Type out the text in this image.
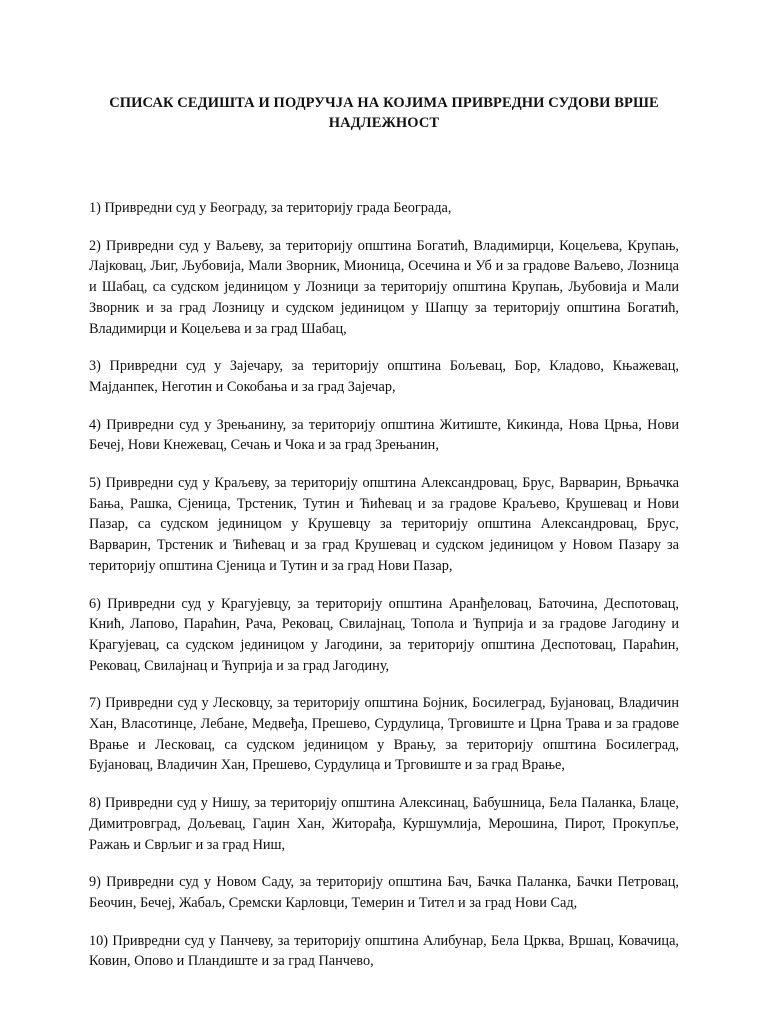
СПИСАК СЕДИШТА И ПОДРУЧЈА НА КОЈИМА ПРИВРЕДНИ СУДОВИ ВРШЕ НАДЛЕЖНОСТ

1) Привредни суд у Београду, за територију града Београда,

2) Привредни суд у Ваљеву, за територију општина Богатић, Владимирци, Коцељева, Крупањ, Лајковац, Љиг, Љубовија, Мали Зворник, Мионица, Осечина и Уб и за градове Ваљево, Лозница и Шабац, са судском јединицом у Лозници за територију општина Крупањ, Љубовија и Мали Зворник и за град Лозницу и судском јединицом у Шапцу за територију општина Богатић, Владимирци и Коцељева и за град Шабац,

3) Привредни суд у Зајечару, за територију општина Бољевац, Бор, Кладово, Књажевац, Мајданпек, Неготин и Сокобања и за град Зајечар,

4) Привредни суд у Зрењанину, за територију општина Житиште, Кикинда, Нова Црња, Нови Бечеј, Нови Кнежевац, Сечањ и Чока и за град Зрењанин,

5) Привредни суд у Краљеву, за територију општина Александровац, Брус, Варварин, Врњачка Бања, Рашка, Сјеница, Трстеник, Тутин и Ћићевац и за градове Краљево, Крушевац и Нови Пазар, са судском јединицом у Крушевцу за територију општина Александровац, Брус, Варварин, Трстеник и Ћићевац и за град Крушевац и судском јединицом у Новом Пазару за територију општина Сјеница и Тутин и за град Нови Пазар,

6) Привредни суд у Крагујевцу, за територију општина Аранђеловац, Баточина, Деспотовац, Кнић, Лапово, Параћин, Рача, Рековац, Свилајнац, Топола и Ћуприја и за градове Јагодину и Крагујевац, са судском јединицом у Јагодини, за територију општина Деспотовац, Параћин, Рековац, Свилајнац и Ћуприја и за град Јагодину,

7) Привредни суд у Лесковцу, за територију општина Бојник, Босилеград, Бујановац, Владичин Хан, Власотинце, Лебане, Медвеђа, Прешево, Сурдулица, Трговиште и Црна Трава и за градове Врање и Лесковац, са судском јединицом у Врању, за територију општина Босилеград, Бујановац, Владичин Хан, Прешево, Сурдулица и Трговиште и за град Врање,

8) Привредни суд у Нишу, за територију општина Алексинац, Бабушница, Бела Паланка, Блаце, Димитровград, Дољевац, Гаџин Хан, Житорађа, Куршумлија, Мерошина, Пирот, Прокупље, Ражањ и Сврљиг и за град Ниш,

9) Привредни суд у Новом Саду, за територију општина Бач, Бачка Паланка, Бачки Петровац, Беочин, Бечеј, Жабаљ, Сремски Карловци, Темерин и Тител и за град Нови Сад,

10) Привредни суд у Панчеву, за територију општина Алибунар, Бела Црква, Вршац, Ковачица, Ковин, Опово и Пландиште и за град Панчево,
